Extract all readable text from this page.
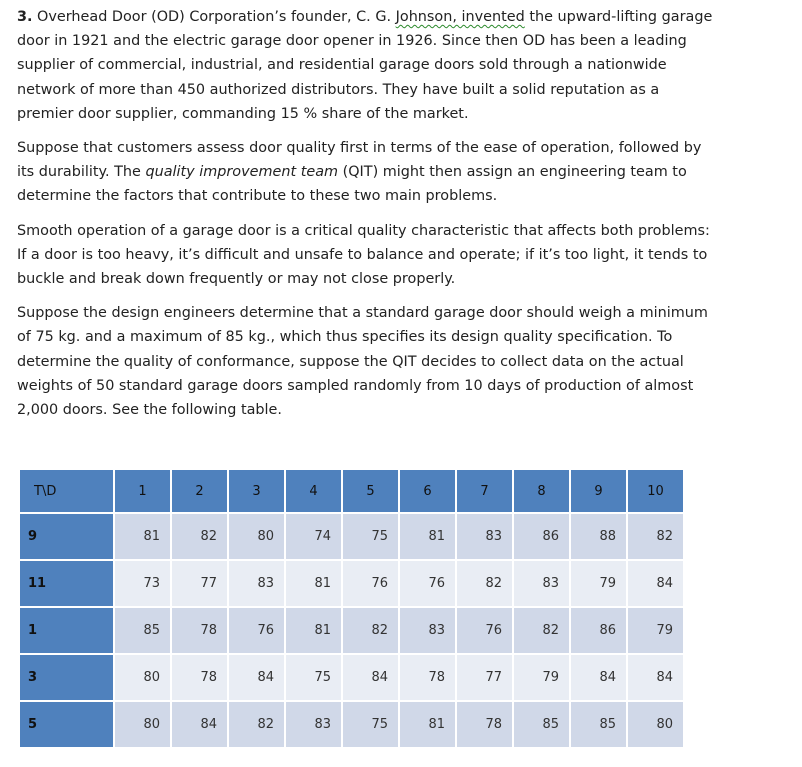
3. Overhead Door (OD) Corporation’s founder, C. G. Johnson, invented the upward-lifting garage door in 1921 and the electric garage door opener in 1926. Since then OD has been a leading supplier of commercial, industrial, and residential garage doors sold through a nationwide network of more than 450 authorized distributors. They have built a solid reputation as a premier door supplier, commanding 15 % share of the market.

Suppose that customers assess door quality first in terms of the ease of operation, followed by its durability. The quality improvement team (QIT) might then assign an engineering team to determine the factors that contribute to these two main problems.

Smooth operation of a garage door is a critical quality characteristic that affects both problems: If a door is too heavy, it’s difficult and unsafe to balance and operate; if it’s too light, it tends to buckle and break down frequently or may not close properly.

Suppose the design engineers determine that a standard garage door should weigh a minimum of 75 kg. and a maximum of 85 kg., which thus specifies its design quality specification. To determine the quality of conformance, suppose the QIT decides to collect data on the actual weights of 50 standard garage doors sampled randomly from 10 days of production of almost 2,000 doors. See the following table.

T\D	1	2	3	4	5	6	7	8	9	10
9	81	82	80	74	75	81	83	86	88	82
11	73	77	83	81	76	76	82	83	79	84
1	85	78	76	81	82	83	76	82	86	79
3	80	78	84	75	84	78	77	79	84	84
5	80	84	82	83	75	81	78	85	85	80
